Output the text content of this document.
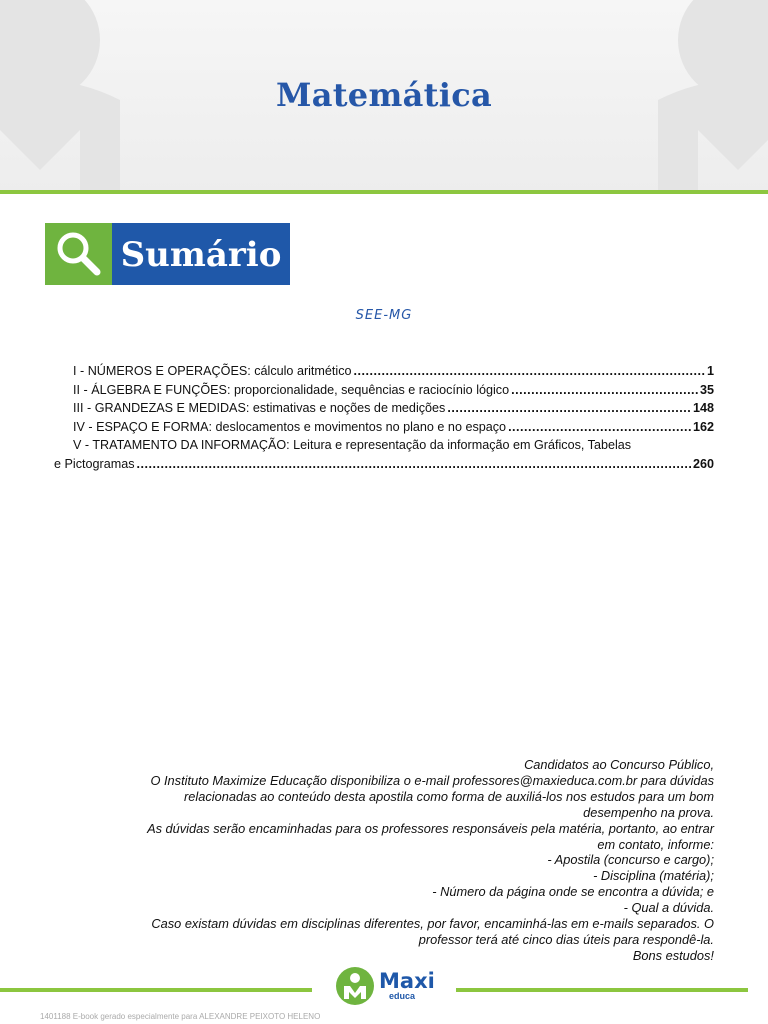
Matemática
Sumário
SEE-MG
I - NÚMEROS E OPERAÇÕES: cálculo aritmético .....	1
II - ÁLGEBRA E FUNÇÕES: proporcionalidade, sequências e raciocínio lógico .....	35
III - GRANDEZAS E MEDIDAS: estimativas e noções de medições .....	148
IV - ESPAÇO E FORMA: deslocamentos e movimentos no plano e no espaço .....	162
V - TRATAMENTO DA INFORMAÇÃO: Leitura e representação da informação em Gráficos, Tabelas
e Pictogramas .....	260

Candidatos ao Concurso Público,

O Instituto Maximize Educação disponibiliza o e-mail professores@maxieduca.com.br para dúvidas

relacionadas ao conteúdo desta apostila como forma de auxiliá-los nos estudos para um bom

desempenho na prova.

As dúvidas serão encaminhadas para os professores responsáveis pela matéria, portanto, ao entrar

em contato, informe:

- Apostila (concurso e cargo);

- Disciplina (matéria);

- Número da página onde se encontra a dúvida; e

- Qual a dúvida.

Caso existam dúvidas em disciplinas diferentes, por favor, encaminhá-las em e-mails separados. O

professor terá até cinco dias úteis para respondê-la.

Bons estudos!

Maxi
educa
1401188 E-book gerado especialmente para ALEXANDRE PEIXOTO HELENO
